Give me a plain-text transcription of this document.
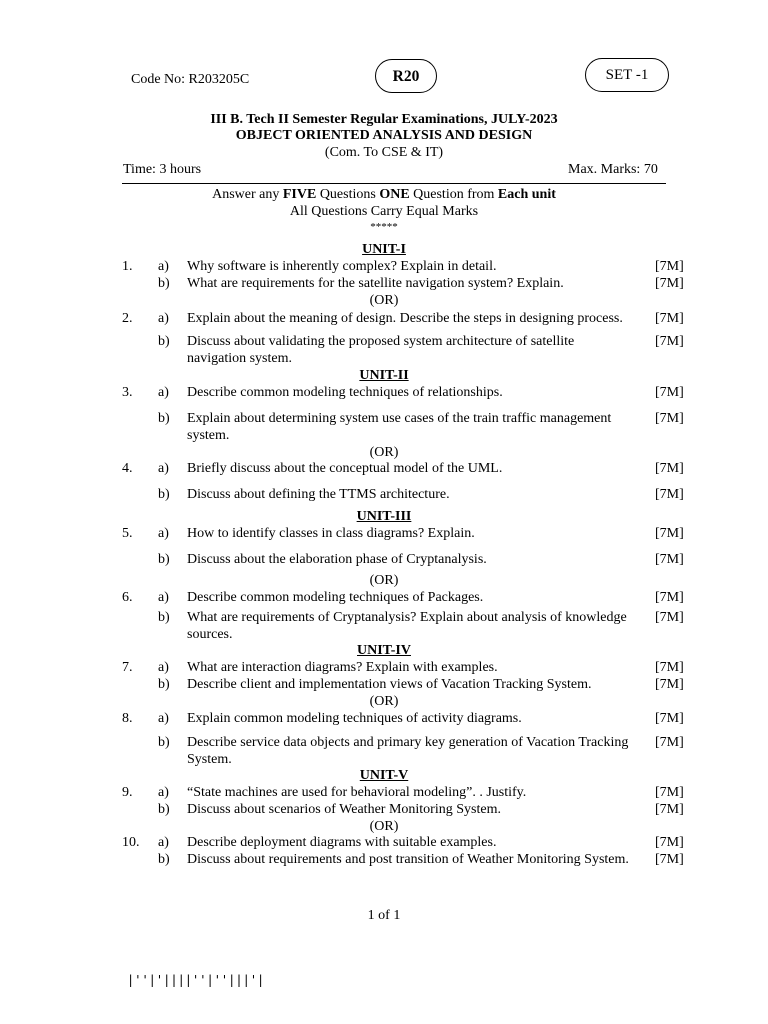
Code No: R203205C	R20	SET -1
III B. Tech II Semester Regular Examinations, JULY-2023
OBJECT ORIENTED ANALYSIS AND DESIGN
(Com. To CSE & IT)
Time: 3 hours	Max. Marks: 70
Answer any FIVE Questions ONE Question from Each unit
All Questions Carry Equal Marks
*****
UNIT-I
1. a) Why software is inherently complex? Explain in detail.	[7M]
b) What are requirements for the satellite navigation system? Explain.	[7M]
(OR)
2. a) Explain about the meaning of design. Describe the steps in designing process.	[7M]
b) Discuss about validating the proposed system architecture of satellite navigation system.
[7M]
UNIT-II
3. a) Describe common modeling techniques of relationships.	[7M]
b) Explain about determining system use cases of the train traffic management system.
[7M]
(OR)
4. a) Briefly discuss about the conceptual model of the UML.	[7M]
b) Discuss about defining the TTMS architecture.	[7M]
UNIT-III
5. a) How to identify classes in class diagrams? Explain.	[7M]
b) Discuss about the elaboration phase of Cryptanalysis.	[7M]
(OR)
6. a) Describe common modeling techniques of Packages.	[7M]
b) What are requirements of Cryptanalysis? Explain about analysis of knowledge sources.
[7M]
UNIT-IV
7. a) What are interaction diagrams? Explain with examples.	[7M]
b) Describe client and implementation views of Vacation Tracking System.	[7M]
(OR)
8. a) Explain common modeling techniques of activity diagrams.	[7M]
b) Describe service data objects and primary key generation of Vacation Tracking System.
[7M]
UNIT-V
9. a) “State machines are used for behavioral modeling”. . Justify.	[7M]
b) Discuss about scenarios of Weather Monitoring System.	[7M]
(OR)
10. a) Describe deployment diagrams with suitable examples.	[7M]
b) Discuss about requirements and post transition of Weather Monitoring System.	[7M]
1 of 1
|''|'||||''|''|||'|
